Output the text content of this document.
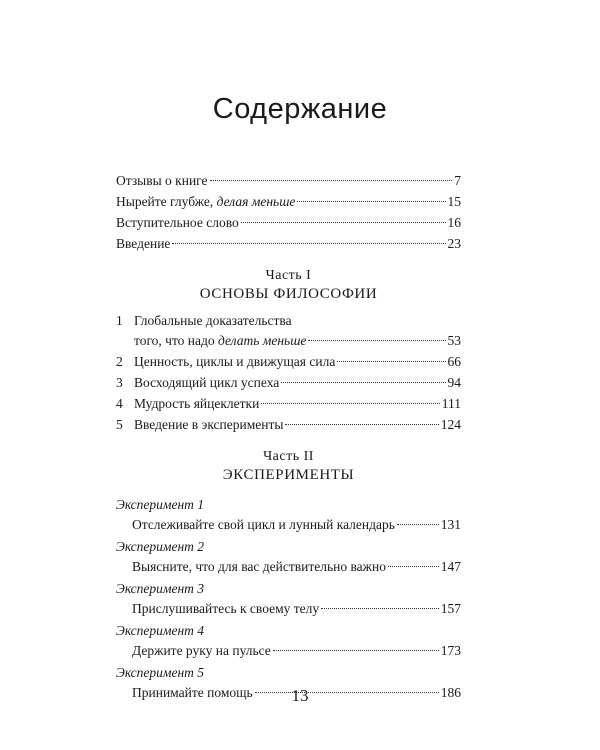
Содержание
Отзывы о книге	7
Нырейте глубже, делая меньше	15
Вступительное слово	16
Введение	23
Часть I
ОСНОВЫ ФИЛОСОФИИ
1 Глобальные доказательства
того, что надо делать меньше	53
2 Ценность, циклы и движущая сила	66
3 Восходящий цикл успеха	94
4 Мудрость яйцеклетки	111
5 Введение в эксперименты	124
Часть II
ЭКСПЕРИМЕНТЫ
Эксперимент 1
Отслеживайте свой цикл и лунный календарь	131
Эксперимент 2
Выясните, что для вас действительно важно	147
Эксперимент 3
Прислушивайтесь к своему телу	157
Эксперимент 4
Держите руку на пульсе	173
Эксперимент 5
Принимайте помощь	186
13
